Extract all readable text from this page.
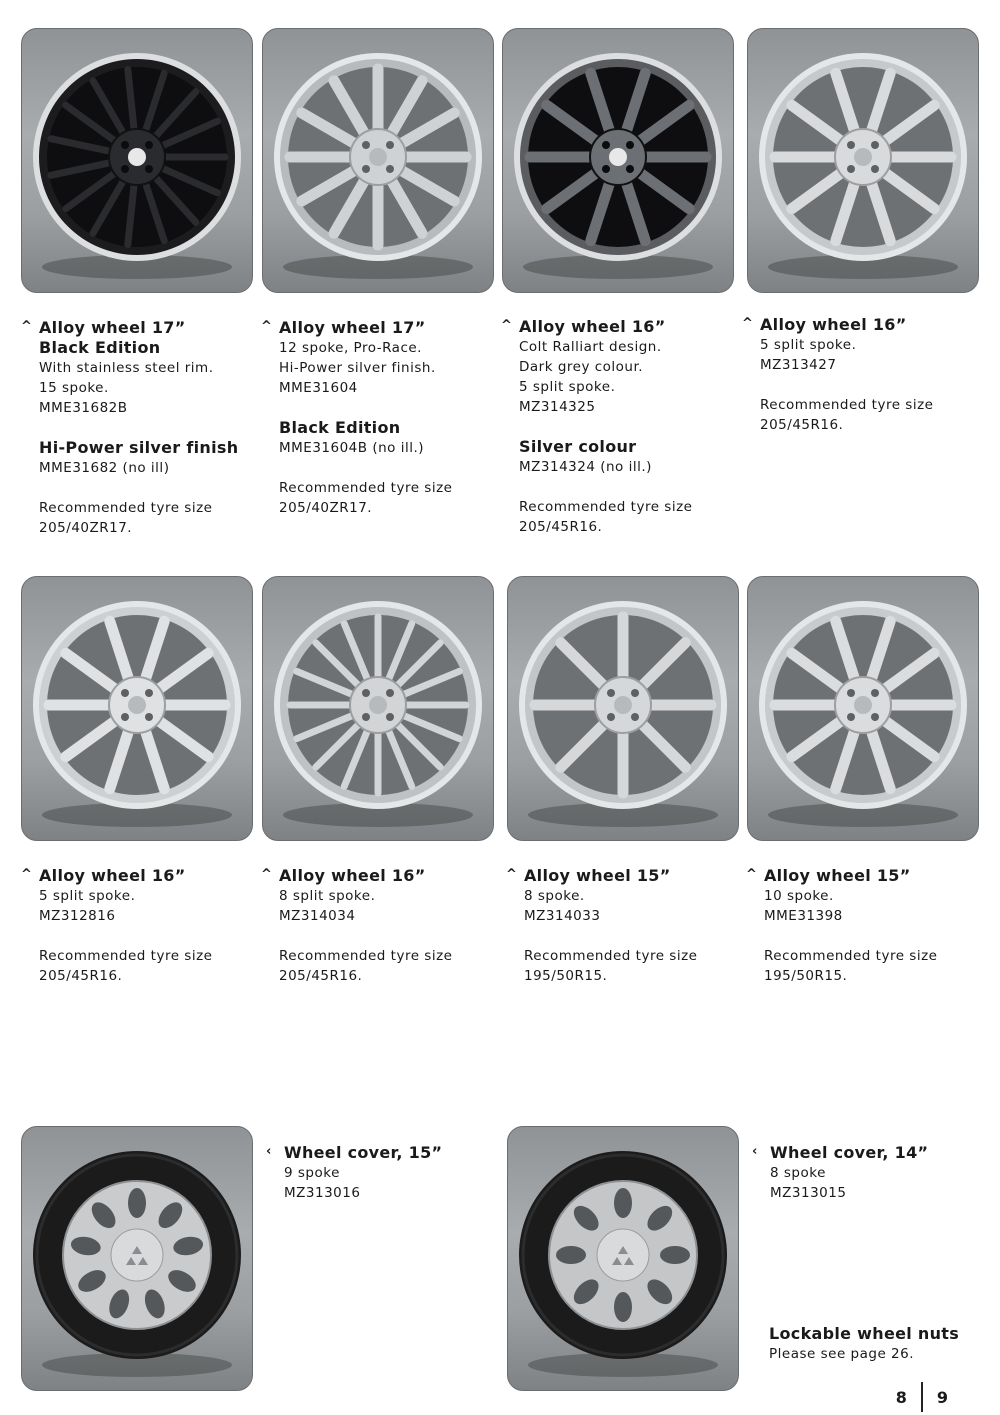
^ Alloy wheel 17”

Black Edition

With stainless steel rim.

15 spoke.

MME31682B

Hi-Power silver finish

MME31682 (no ill)

Recommended tyre size

205/40ZR17.

^ Alloy wheel 17”

12 spoke, Pro-Race.

Hi-Power silver finish.

MME31604

Black Edition

MME31604B (no ill.)

Recommended tyre size

205/40ZR17.

^ Alloy wheel 16”

Colt Ralliart design.

Dark grey colour.

5 split spoke.

MZ314325

Silver colour

MZ314324 (no ill.)

Recommended tyre size

205/45R16.

^ Alloy wheel 16”

5 split spoke.

MZ313427

Recommended tyre size

205/45R16.

^ Alloy wheel 16”

5 split spoke.

MZ312816

Recommended tyre size

205/45R16.

^ Alloy wheel 16”

8 split spoke.

MZ314034

Recommended tyre size

205/45R16.

^ Alloy wheel 15”

8 spoke.

MZ314033

Recommended tyre size

195/50R15.

^ Alloy wheel 15”

10 spoke.

MME31398

Recommended tyre size

195/50R15.

‹ Wheel cover, 15”

9 spoke

MZ313016

‹ Wheel cover, 14”

8 spoke

MZ313015

Lockable wheel nuts

Please see page 26.

8 9
